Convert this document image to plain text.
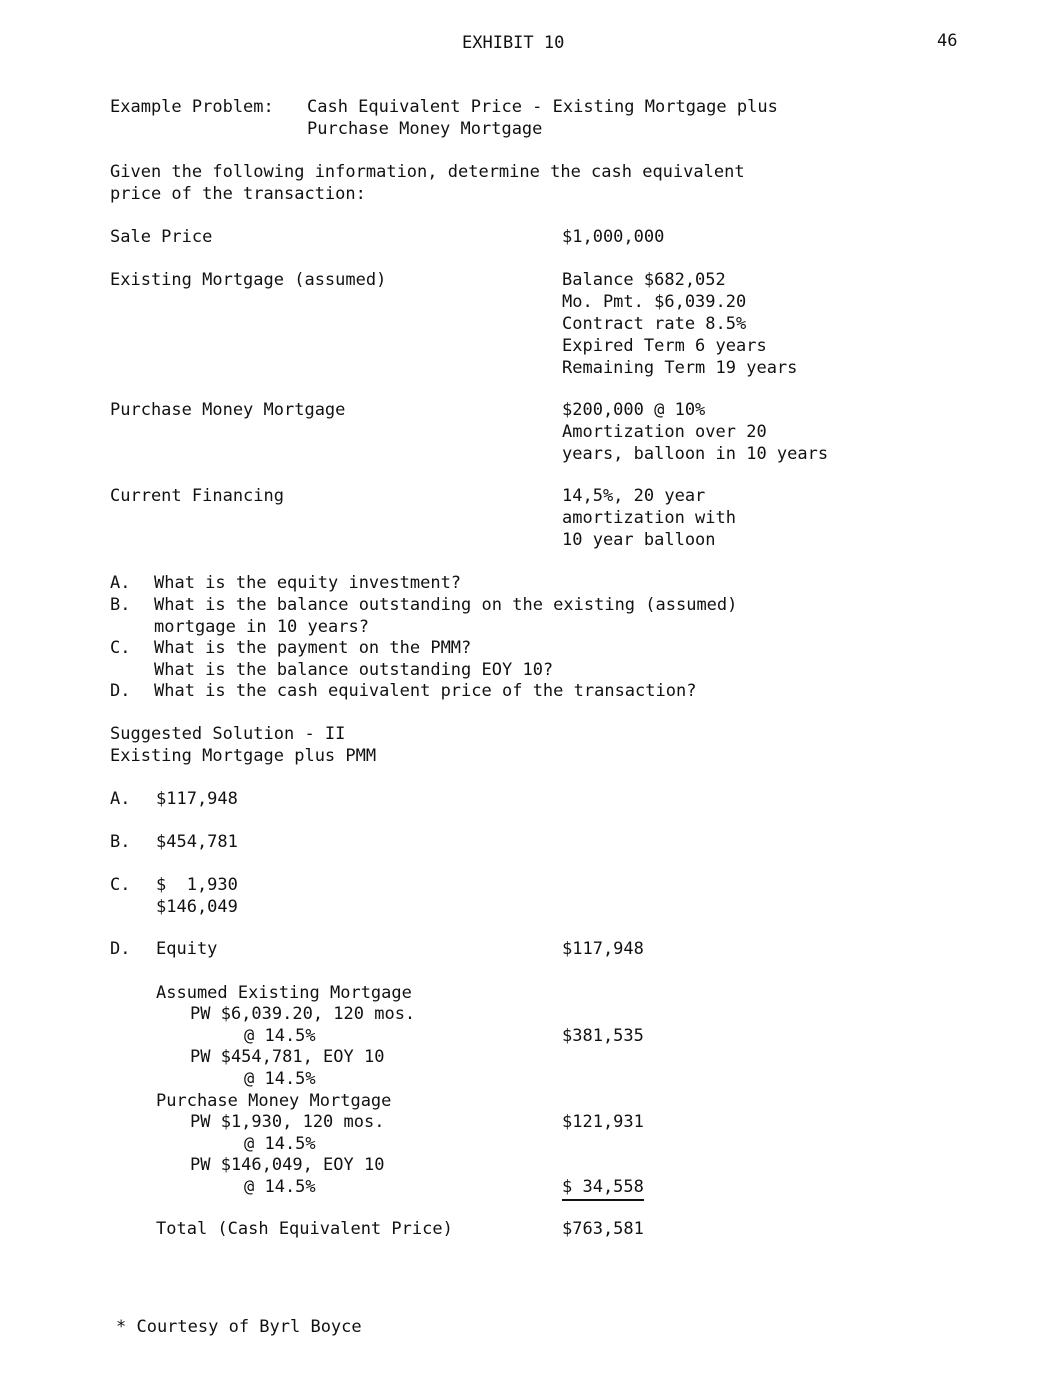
EXHIBIT 10	46
Example Problem: Cash Equivalent Price - Existing Mortgage plus
Purchase Money Mortgage
Given the following information, determine the cash equivalent
price of the transaction:
Sale Price	$1,000,000
Existing Mortgage (assumed)	Balance $682,052
Mo. Pmt. $6,039.20
Contract rate 8.5%
Expired Term 6 years
Remaining Term 19 years
Purchase Money Mortgage	$200,000 @ 10%
Amortization over 20
years, balloon in 10 years
Current Financing	14,5%, 20 year
amortization with
10 year balloon
A. What is the equity investment?
B. What is the balance outstanding on the existing (assumed)
mortgage in 10 years?
C. What is the payment on the PMM?
What is the balance outstanding EOY 10?
D. What is the cash equivalent price of the transaction?
Suggested Solution - II
Existing Mortgage plus PMM
A. $117,948
B. $454,781
C. $  1,930
$146,049
D. Equity	$117,948
Assumed Existing Mortgage
PW $6,039.20, 120 mos.
@ 14.5%	$381,535
PW $454,781, EOY 10
@ 14.5%
Purchase Money Mortgage
PW $1,930, 120 mos.	$121,931
@ 14.5%
PW $146,049, EOY 10
@ 14.5%	$ 34,558
Total (Cash Equivalent Price)	$763,581
* Courtesy of Byrl Boyce
